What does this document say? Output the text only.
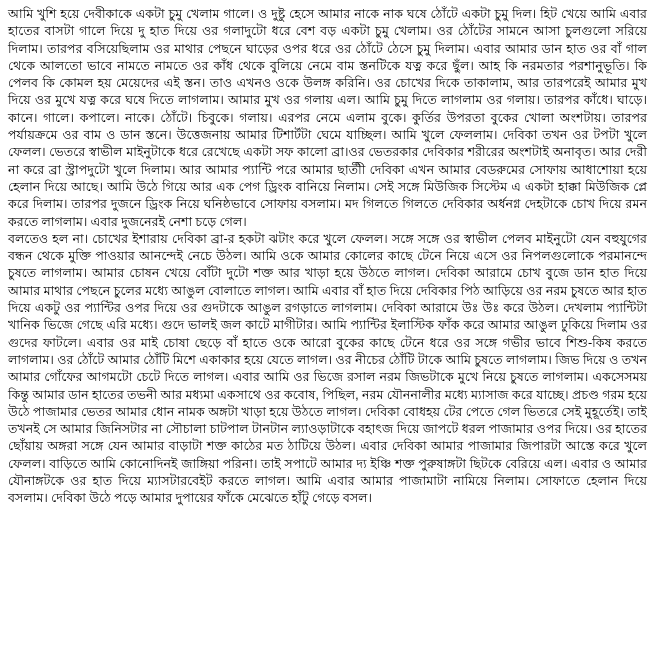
আমি খুশি হয়ে দেবীকাকে একটা চুমু খেলাম গালে। ও দুষ্টু হেসে আমার নাকে নাক ঘষে ঠোঁটে একটা চুমু দিল। হিট খেয়ে আমি এবার হাতের বাসটা গালে দিয়ে দু হাত দিয়ে ওর গলাদুটো ধরে বেশ বড় একটা চুমু খেলাম। ওর ঠোঁটের সামনে আসা চুলগুলো সরিয়ে দিলাম। তারপর বসিয়েছিলাম ওর মাথার পেছনে ঘাড়ের ওপর ধরে ওর ঠোঁটে ঠেসে চুমু দিলাম। এবার আমার ডান হাত ওর বাঁ গাল থেকে আলতো ভাবে নামতে নামতে ওর কাঁধ থেকে বুলিয়ে নেমে বাম স্তনটিকে যত্ন করে ছুঁল। আহ কি নরমতার পরশানুভূতি। কি পেলব কি কোমল হয় মেয়েদের এই স্তন। তাও এখনও ওকে উলঙ্গ করিনি। ওর চোখের দিকে তাকালাম, আর তারপরেই আমার মুখ দিয়ে ওর মুখে যত্ন করে ঘষে দিতে লাগলাম। আমার মুখ ওর গলায় এল। আমি চুমু দিতে লাগলাম ওর গলায়। তারপর কাঁধে। ঘাড়ে। কানে। গালে। কপালে। নাকে। ঠোঁটে। চিবুকে। গলায়। এরপর নেমে এলাম বুকে। কুর্তির উপরতা বুকের খোলা অংশটায়। তারপর পর্যায়ক্রমে ওর বাম ও ডান স্তনে। উত্তেজনায় আমার টিশার্টটা ঘেমে যাচ্ছিল। আমি খুলে ফেললাম। দেবিকা তখন ওর টপটা খুলে ফেলল। ভেতরে স্বাভীল মাইনুটাকে ধরে রেখেছে একটা সফ কালো ব্রা।ওর ভেতরকার দেবিকার শরীরের অংশটাই অনাবৃত। আর দেরী না করে ব্রা স্ট্রাপদুটো খুলে দিলাম। আর আমার প্যান্টি পরে আমার ছাতীী দেবিকা এখন আমার বেডরুমের সোফায় আধাশোয়া হয়ে হেলান দিয়ে আছে। আমি উঠে গিয়ে আর এক পেগ ড্রিংক বানিয়ে নিলাম। সেই সঙ্গে মিউজিক সিস্টেম এ একটা হাক্কা মিউজিক প্লে করে দিলাম। তারপর দুজনে ড্রিংক নিয়ে ঘনিষ্ঠভাবে সোফায় বসলাম। মদ গিলতে গিলতে দেবিকার অর্ধনগ্ন দেহটাকে চোখ দিয়ে রমন করতে লাগলাম। এবার দুজনেরই নেশা চড়ে গেল।

বলতেও হল না। চোখের ইশারায় দেবিকা ব্রা-র হকটা ঝটাং করে খুলে ফেলল। সঙ্গে সঙ্গে ওর স্বাভীল পেলব মাইনুটো যেন বহুযুগের বন্ধন থেকে মুক্তি পাওয়ার আনন্দেই নেচে উঠল। আমি ওকে আমার কোলের কাছে টেনে নিয়ে এসে ওর নিপলগুলোকে পরমানন্দে চুষতে লাগলাম। আমার চোষন খেয়ে বোঁটা দুটো শক্ত আর খাড়া হয়ে উঠতে লাগল। দেবিকা আরামে চোখ বুজে ডান হাত দিয়ে আমার মাথার পেছনে চুলের মধ্যে আঙুল বোলাতে লাগল। আমি এবার বাঁ হাত দিয়ে দেবিকার পিঠ আড়িয়ে ওর নরম চুষতে আর হাত দিয়ে একটু ওর প্যান্টির ওপর দিয়ে ওর গুদটাকে আঙুল রগড়াতে লাগলাম। দেবিকা আরামে উঃ উঃ করে উঠল। দেখলাম প্যান্টিটা খানিক ভিজে গেছে এরি মধ্যে। গুদে ভালই জল কাটে মাগীটার। আমি প্যান্টির ইলাস্টিক ফাঁক করে আমার আঙুল ঢুকিয়ে দিলাম ওর গুদের ফাটলে। এবার ওর মাই চোষা ছেড়ে বাঁ হাতে ওকে আরো বুকের কাছে টেনে ধরে ওর সঙ্গে গভীর ভাবে শিশু-কিষ করতে লাগলাম। ওর ঠোঁটে আমার ঠোঁটি মিশে একাকার হয়ে যেতে লাগল। ওর নীচের ঠোঁটি টাকে আমি চুষতে লাগলাম। জিভ দিয়ে ও তখন আমার গোঁফের আগমটো চেটে দিতে লাগল। এবার আমি ওর ভিজে রসাল নরম জিভটাকে মুখে নিয়ে চুষতে লাগলাম। একসেসময় কিন্তু আমার ডান হাতের তভনী আর মধ্যমা একসাথে ওর কবোষ, পিছিল, নরম যৌননালীর মধ্যে ম্যাসাজ করে যাচ্ছে। প্রচণ্ড গরম হয়ে উঠে পাজামার ভেতর আমার ধোন নামক অঙ্গটা খাড়া হয়ে উঠতে লাগল। দেবিকা বোধহয় টের পেতে গেল ভিতরে সেই মুহূর্তেই। তাই তখনই সে আমার জিনিসটার না সৌচালা চাটপাল টানটান ল্যাওড়াটাকে বহাৎজ দিয়ে জাপটে ধরল পাজামার ওপর দিয়ে। ওর হাতের ছোঁয়ায় অঙ্গরা সঙ্গে যেন আমার বাড়াটা শক্ত কাঠের মত ঠাটিয়ে উঠল। এবার দেবিকা আমার পাজামার জিপারটা আস্তে করে খুলে ফেলল। বাড়িতে আমি কোনোদিনই জাঙ্গিয়া পরিনা। তাই সপাটে আমার দ্য ইঞ্চি শক্ত পুরুষাঙ্গটা ছিটকে বেরিয়ে এল। এবার ও আমার যৌনাঙ্গটকে ওর হাত দিয়ে ম্যাসটারবেইট করতে লাগল। আমি এবার আমার পাজামাটা নামিয়ে নিলাম। সোফাতে হেলান দিয়ে বসলাম। দেবিকা উঠে পড়ে আমার দুপায়ের ফাঁকে মেঝেতে হাঁটু গেড়ে বসল।
